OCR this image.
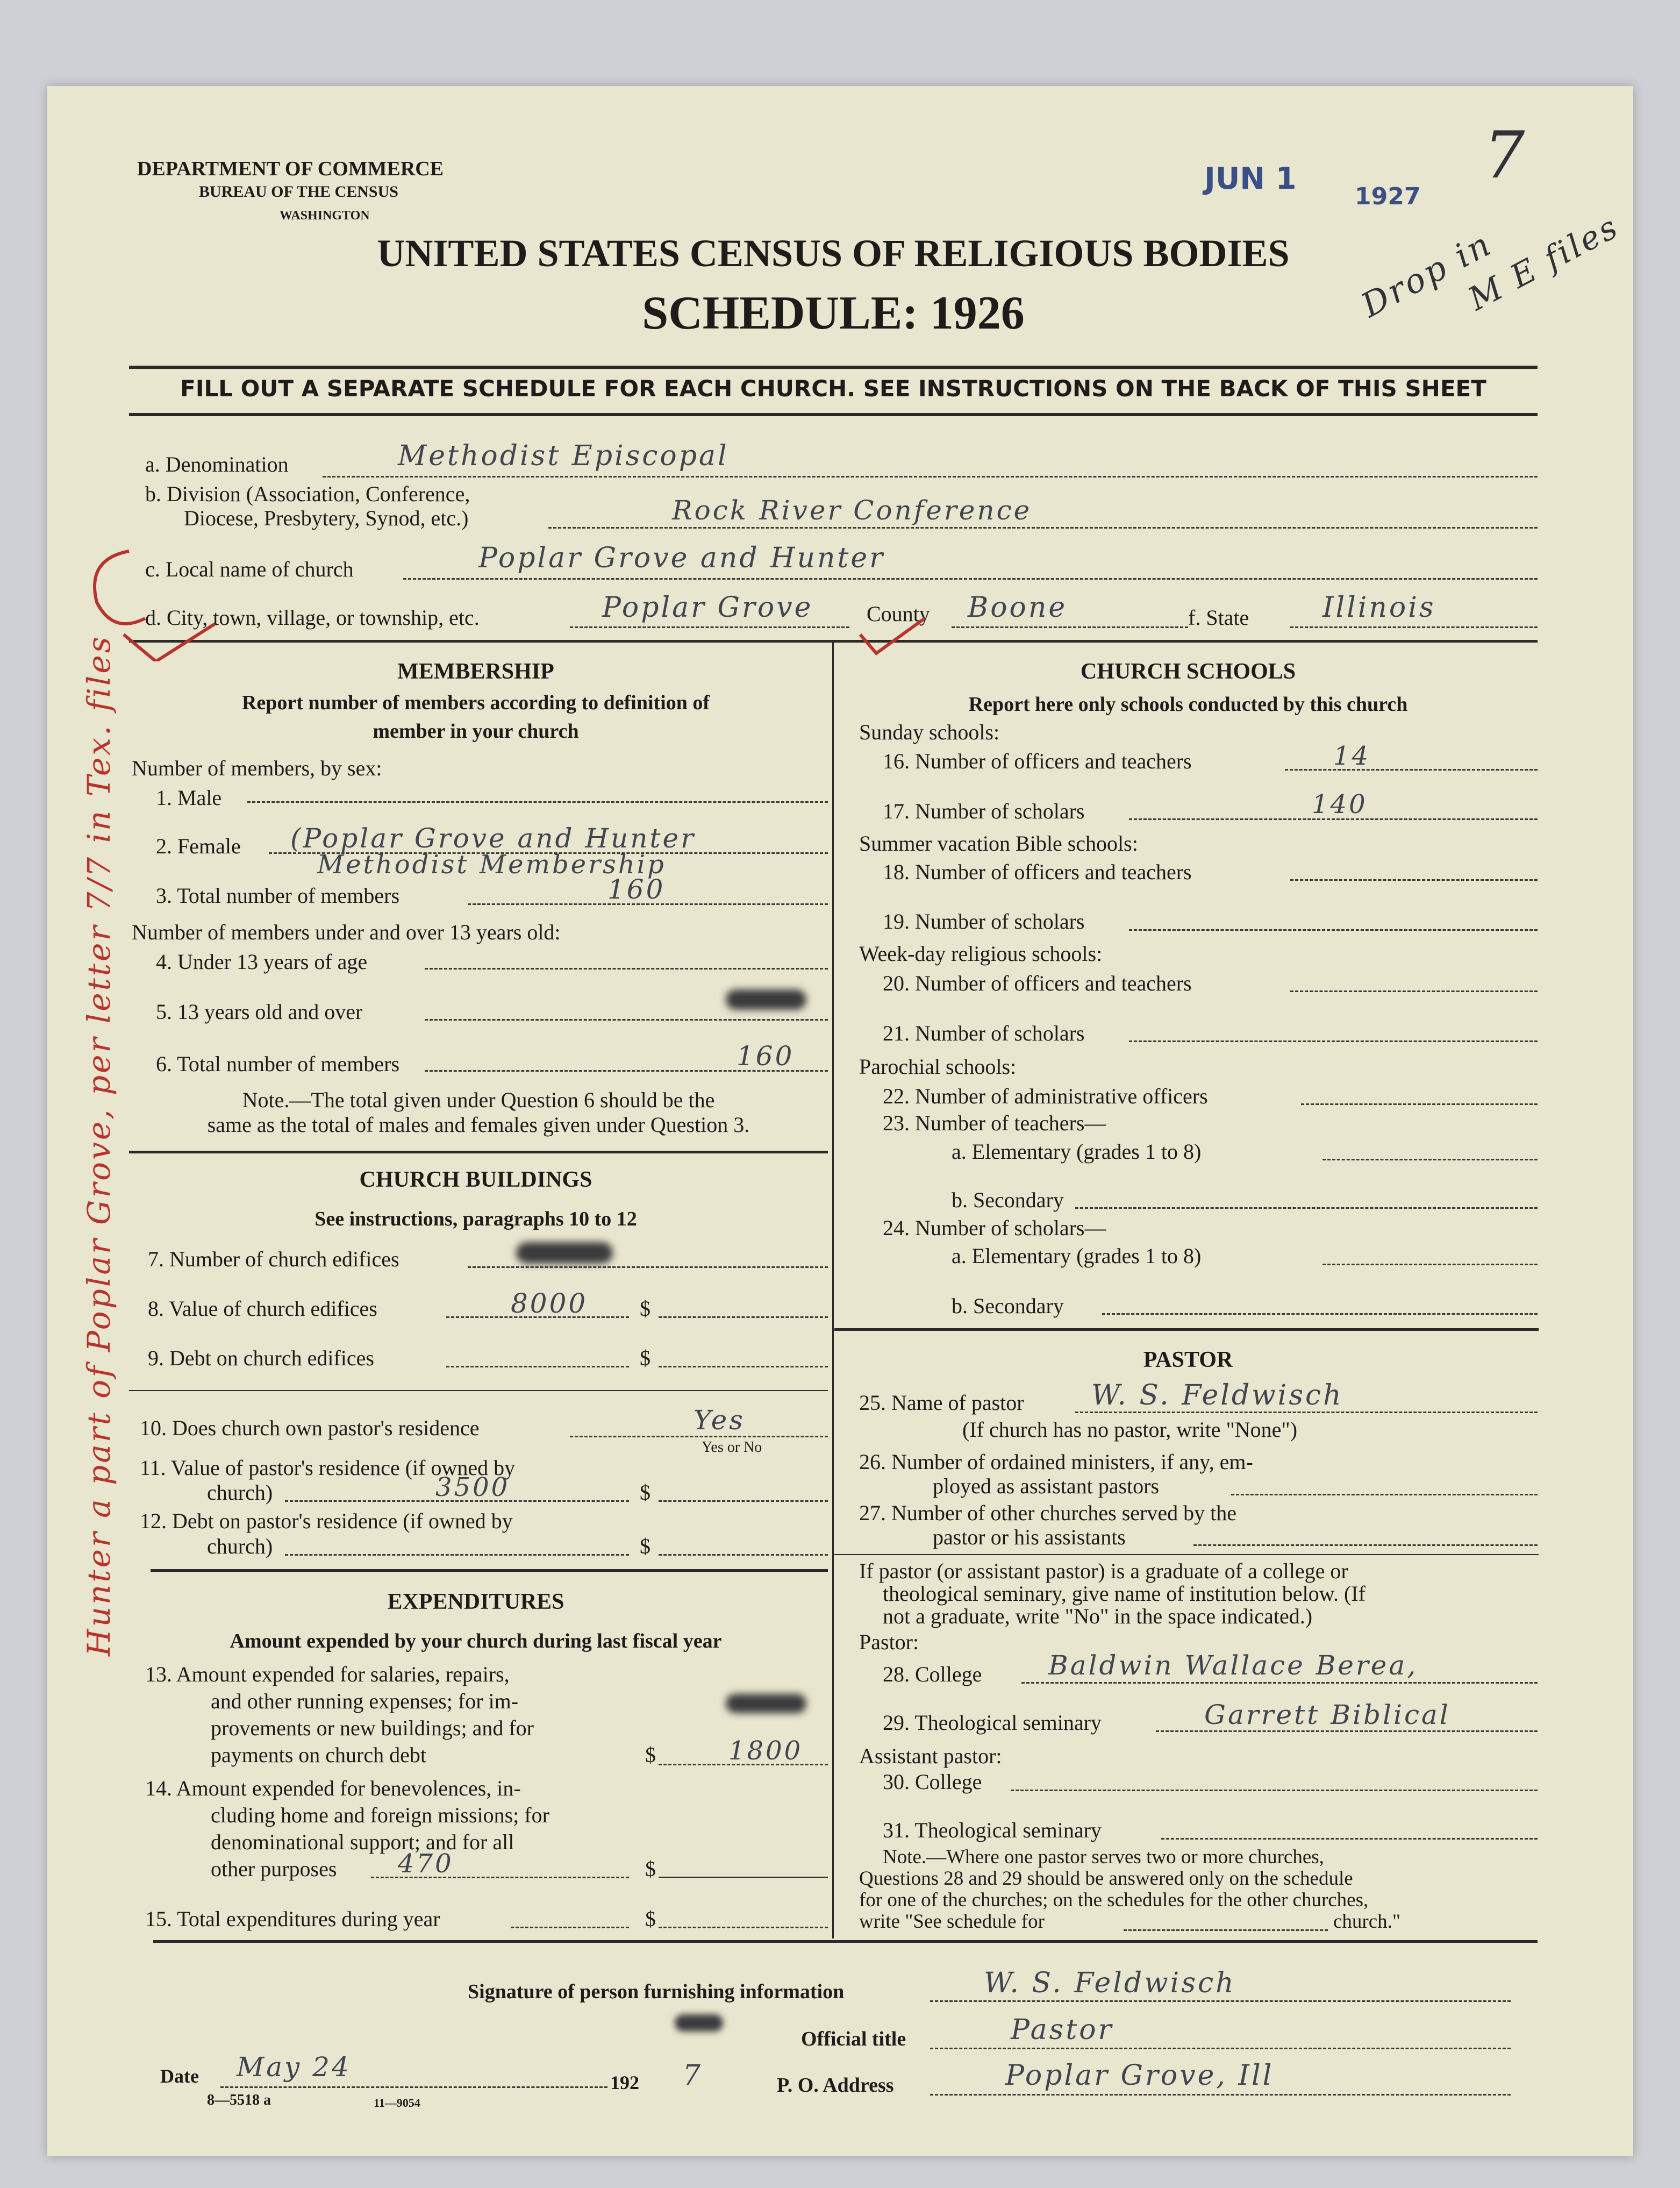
DEPARTMENT OF COMMERCE
BUREAU OF THE CENSUS
WASHINGTON
UNITED STATES CENSUS OF RELIGIOUS BODIES
SCHEDULE: 1926
JUN 1
1927
7
Drop in
M E files
FILL OUT A SEPARATE SCHEDULE FOR EACH CHURCH. SEE INSTRUCTIONS ON THE BACK OF THIS SHEET
a. Denomination	Methodist Episcopal
b. Division (Association, Conference,
Diocese, Presbytery, Synod, etc.)	Rock River Conference
c. Local name of church	Poplar Grove and Hunter
d. City, town, village, or township, etc.	Poplar Grove County Boone	f. State	Illinois
Hunter a part of Poplar Grove, per letter 7/7 in Tex. files	MEMBERSHIP
Report number of members according to definition of
member in your church
Number of members, by sex:
1. Male
2. Female (Poplar Grove and Hunter
Methodist Membership
3. Total number of members	160
Number of members under and over 13 years old:
4. Under 13 years of age
5. 13 years old and over
6. Total number of members	160
Note.—The total given under Question 6 should be the
same as the total of males and females given under Question 3.
CHURCH BUILDINGS
See instructions, paragraphs 10 to 12
7. Number of church edifices
8. Value of church edifices	8000 $
9. Debt on church edifices	$
10. Does church own pastor's residence	Yes
Yes or No
11. Value of pastor's residence (if owned by
church)	3500	$
12. Debt on pastor's residence (if owned by
church)	$
EXPENDITURES
Amount expended by your church during last fiscal year
13. Amount expended for salaries, repairs,
and other running expenses; for im-
provements or new buildings; and for
payments on church debt	$	1800
14. Amount expended for benevolences, in-
cluding home and foreign missions; for
denominational support; and for all
other purposes 470	$
15. Total expenditures during year	$
CHURCH SCHOOLS
Report here only schools conducted by this church
Sunday schools:
16. Number of officers and teachers	14
17. Number of scholars	140
Summer vacation Bible schools:
18. Number of officers and teachers
19. Number of scholars
Week-day religious schools:
20. Number of officers and teachers
21. Number of scholars
Parochial schools:
22. Number of administrative officers
23. Number of teachers—
a. Elementary (grades 1 to 8)
b. Secondary
24. Number of scholars—
a. Elementary (grades 1 to 8)
b. Secondary
PASTOR
25. Name of pastor W. S. Feldwisch
(If church has no pastor, write "None")
26. Number of ordained ministers, if any, em-
ployed as assistant pastors
27. Number of other churches served by the
pastor or his assistants
If pastor (or assistant pastor) is a graduate of a college or
theological seminary, give name of institution below. (If
not a graduate, write "No" in the space indicated.)
Pastor:
28. College Baldwin Wallace Berea,
29. Theological seminary	Garrett Biblical
Assistant pastor:
30. College
31. Theological seminary
Note.—Where one pastor serves two or more churches,
Questions 28 and 29 should be answered only on the schedule
for one of the churches; on the schedules for the other churches,
write "See schedule for	church."
Signature of person furnishing information	W. S. Feldwisch
Official title	Pastor
Date May 24	192 7	P. O. Address	Poplar Grove, Ill
8—5518 a	11—9054
